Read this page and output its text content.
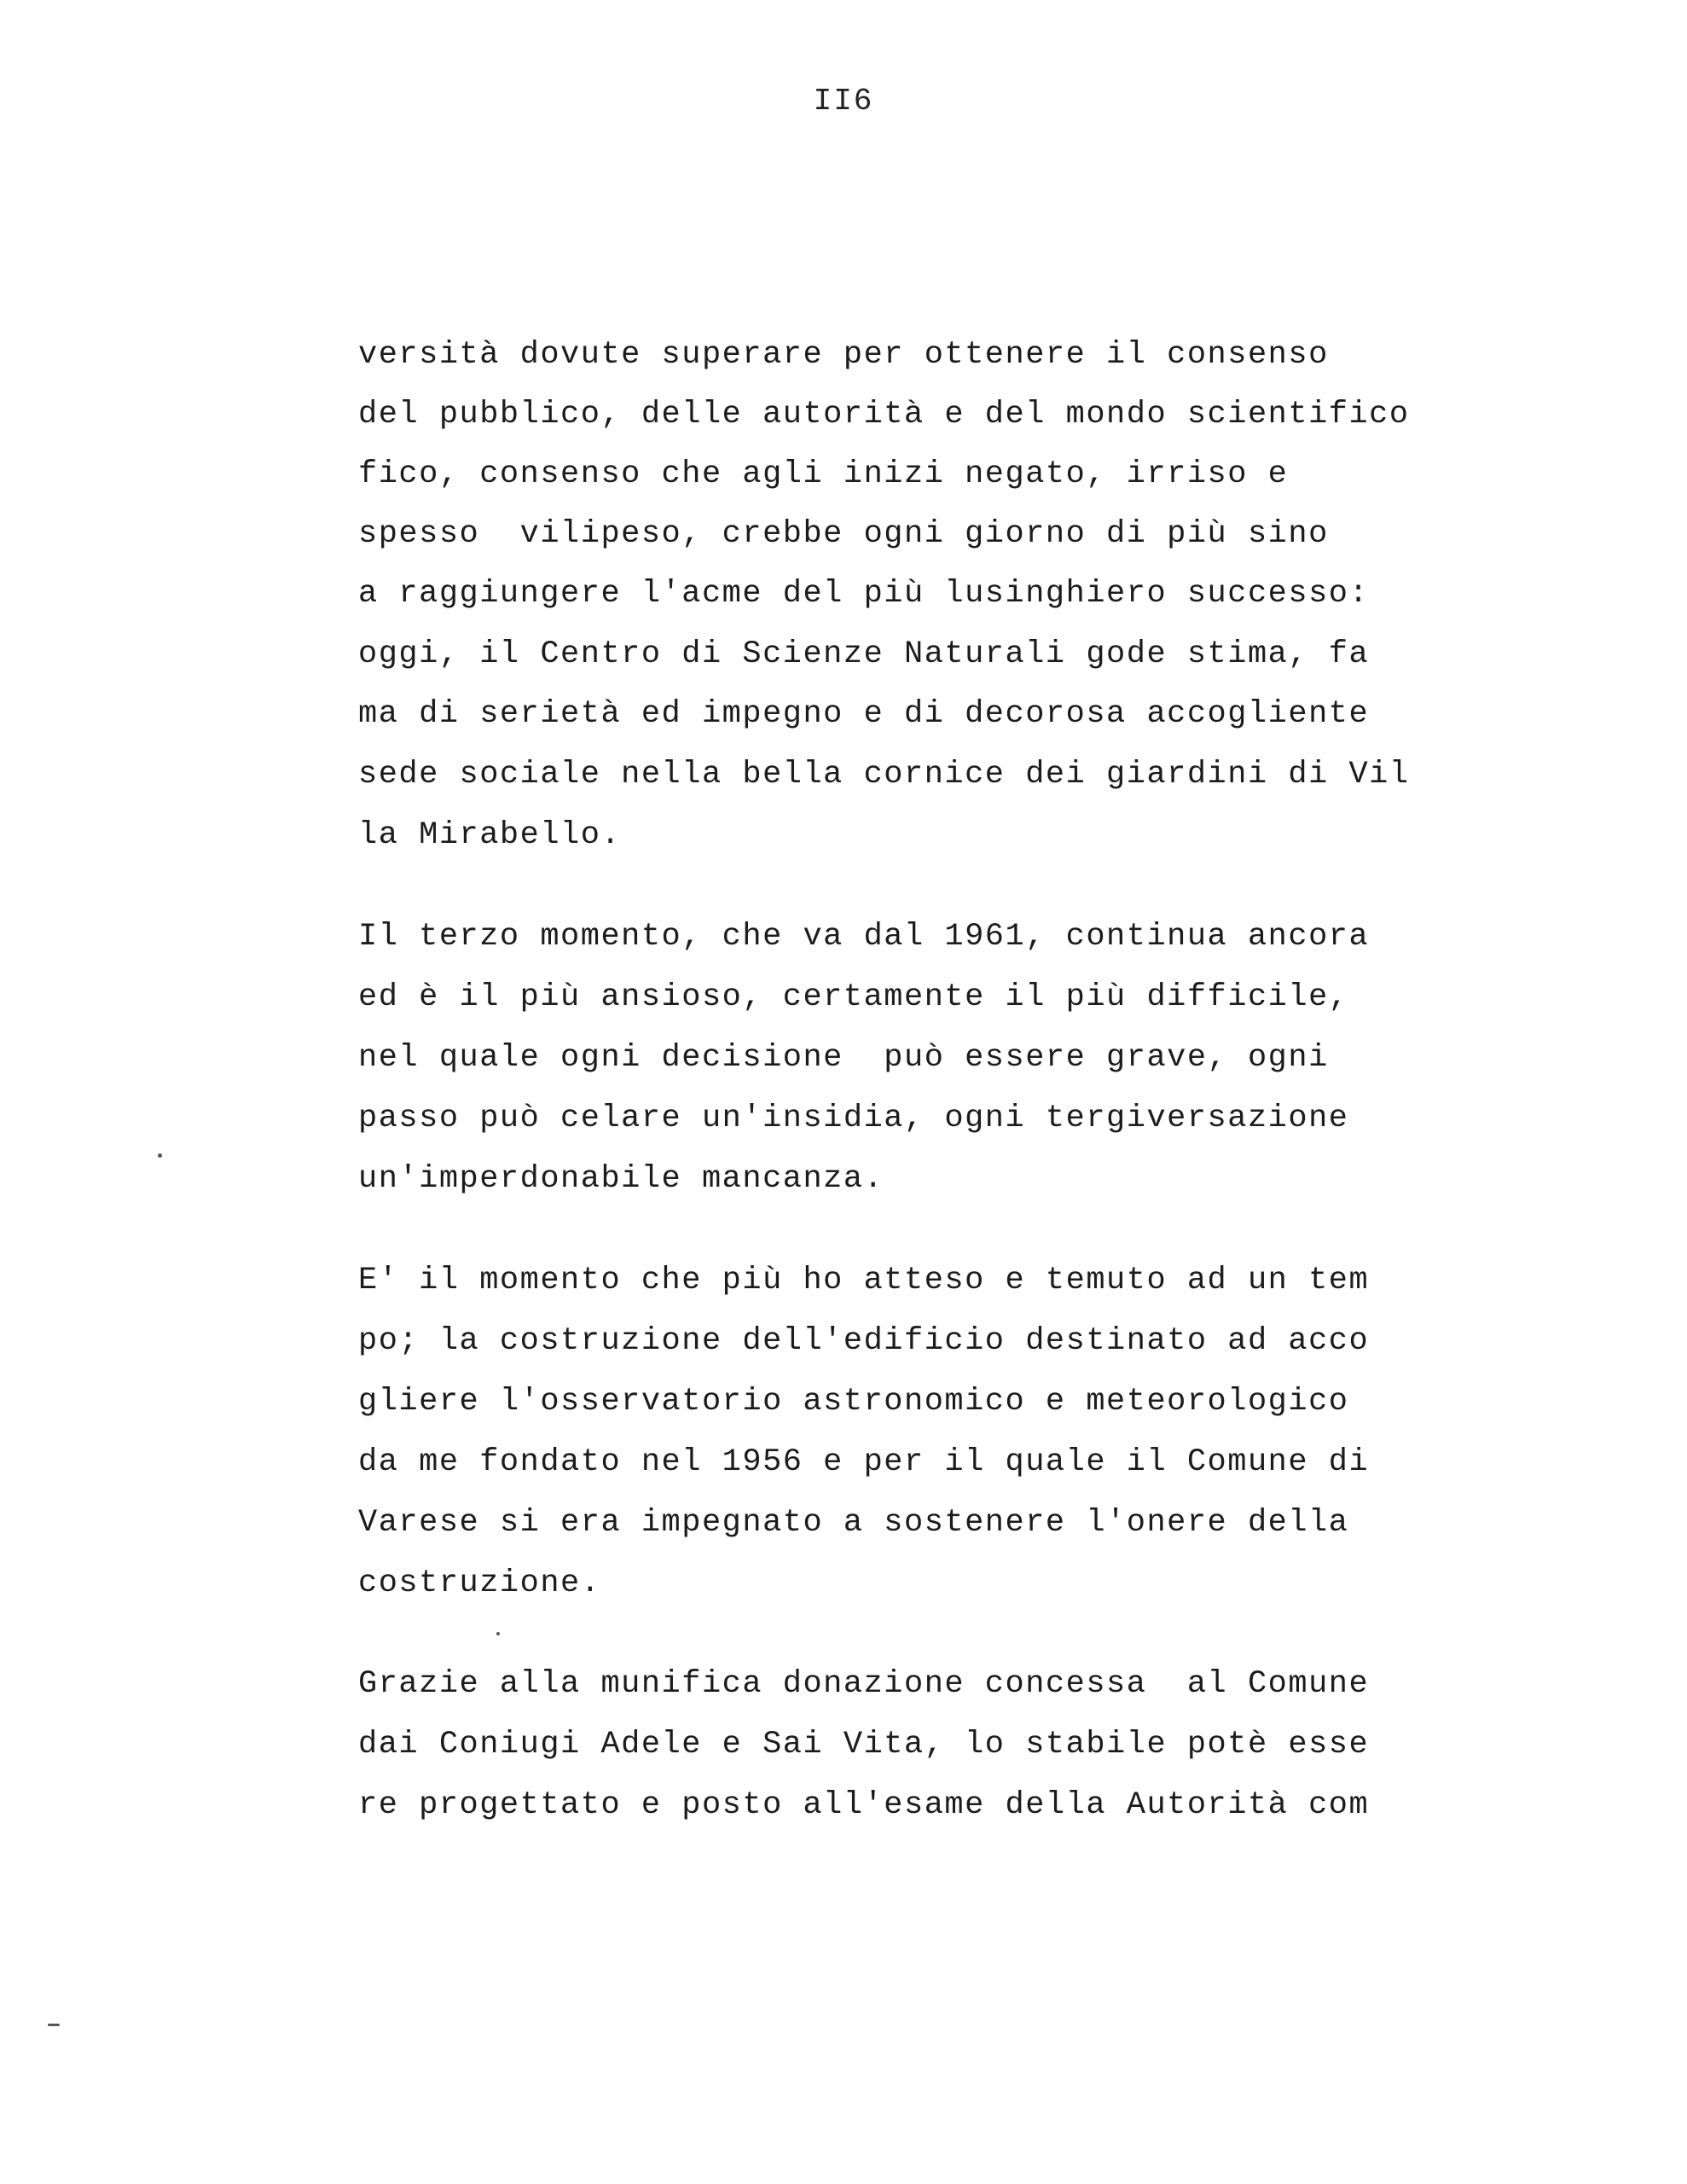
II6
versità dovute superare per ottenere il consenso
del pubblico, delle autorità e del mondo scientifico
fico, consenso che agli inizi negato, irriso e
spesso  vilipeso, crebbe ogni giorno di più sino
a raggiungere l'acme del più lusinghiero successo:
oggi, il Centro di Scienze Naturali gode stima, fa
ma di serietà ed impegno e di decorosa accogliente
sede sociale nella bella cornice dei giardini di Vil
la Mirabello.
Il terzo momento, che va dal 1961, continua ancora
ed è il più ansioso, certamente il più difficile,
nel quale ogni decisione  può essere grave, ogni
passo può celare un'insidia, ogni tergiversazione
un'imperdonabile mancanza.
E' il momento che più ho atteso e temuto ad un tem
po; la costruzione dell'edificio destinato ad acco
gliere l'osservatorio astronomico e meteorologico
da me fondato nel 1956 e per il quale il Comune di
Varese si era impegnato a sostenere l'onere della
costruzione.
Grazie alla munifica donazione concessa  al Comune
dai Coniugi Adele e Sai Vita, lo stabile potè esse
re progettato e posto all'esame della Autorità com
